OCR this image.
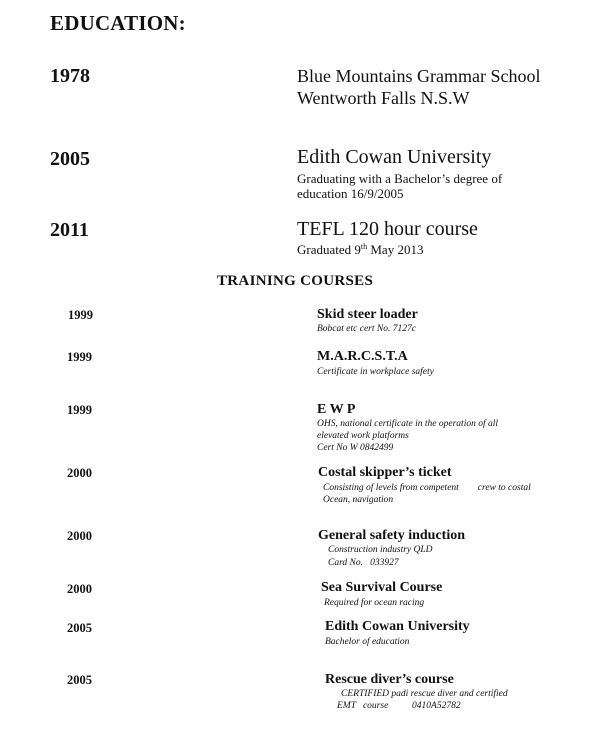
EDUCATION:
1978	Blue Mountains Grammar School
Wentworth Falls N.S.W
2005	Edith Cowan University
Graduating with a Bachelor’s degree of
education 16/9/2005
2011	TEFL 120 hour course
Graduated 9th May 2013
TRAINING COURSES
1999	Skid steer loader
Bobcat etc cert No. 7127c
1999	M.A.R.C.S.T.A
Certificate in workplace safety
1999	E W P
OHS, national certificate in the operation of all
elevated work platforms
Cert No W 0842499
2000	Costal skipper’s ticket
Consisting of levels from competent        crew to costal
Ocean, navigation
2000	General safety induction
Construction industry QLD
Card No.   033927
2000	Sea Survival Course
Required for ocean racing
2005	Edith Cowan University
Bachelor of education
2005	Rescue diver’s course
CERTIFIED padi rescue diver and certified
EMT   course          0410A52782
